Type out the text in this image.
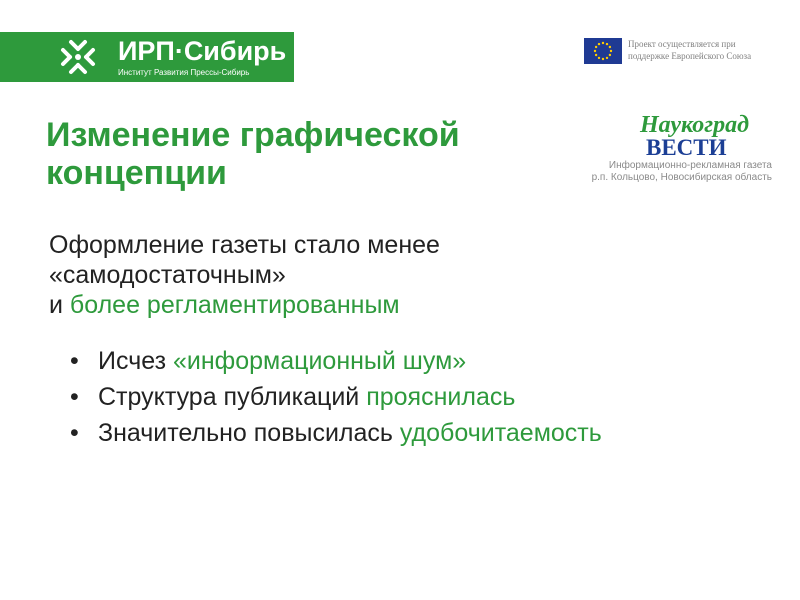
ИРП·Сибирь
Институт Развития Прессы-Сибирь
Проект осуществляется при
поддержке Европейского Союза
Наукоград
ВЕСТИ
Информационно-рекламная газета
р.п. Кольцово, Новосибирская область
Изменение графической
концепции
Оформление газеты стало менее
«самодостаточным»
и более регламентированным
• Исчез «информационный шум»
• Структура публикаций прояснилась
• Значительно повысилась удобочитаемость
